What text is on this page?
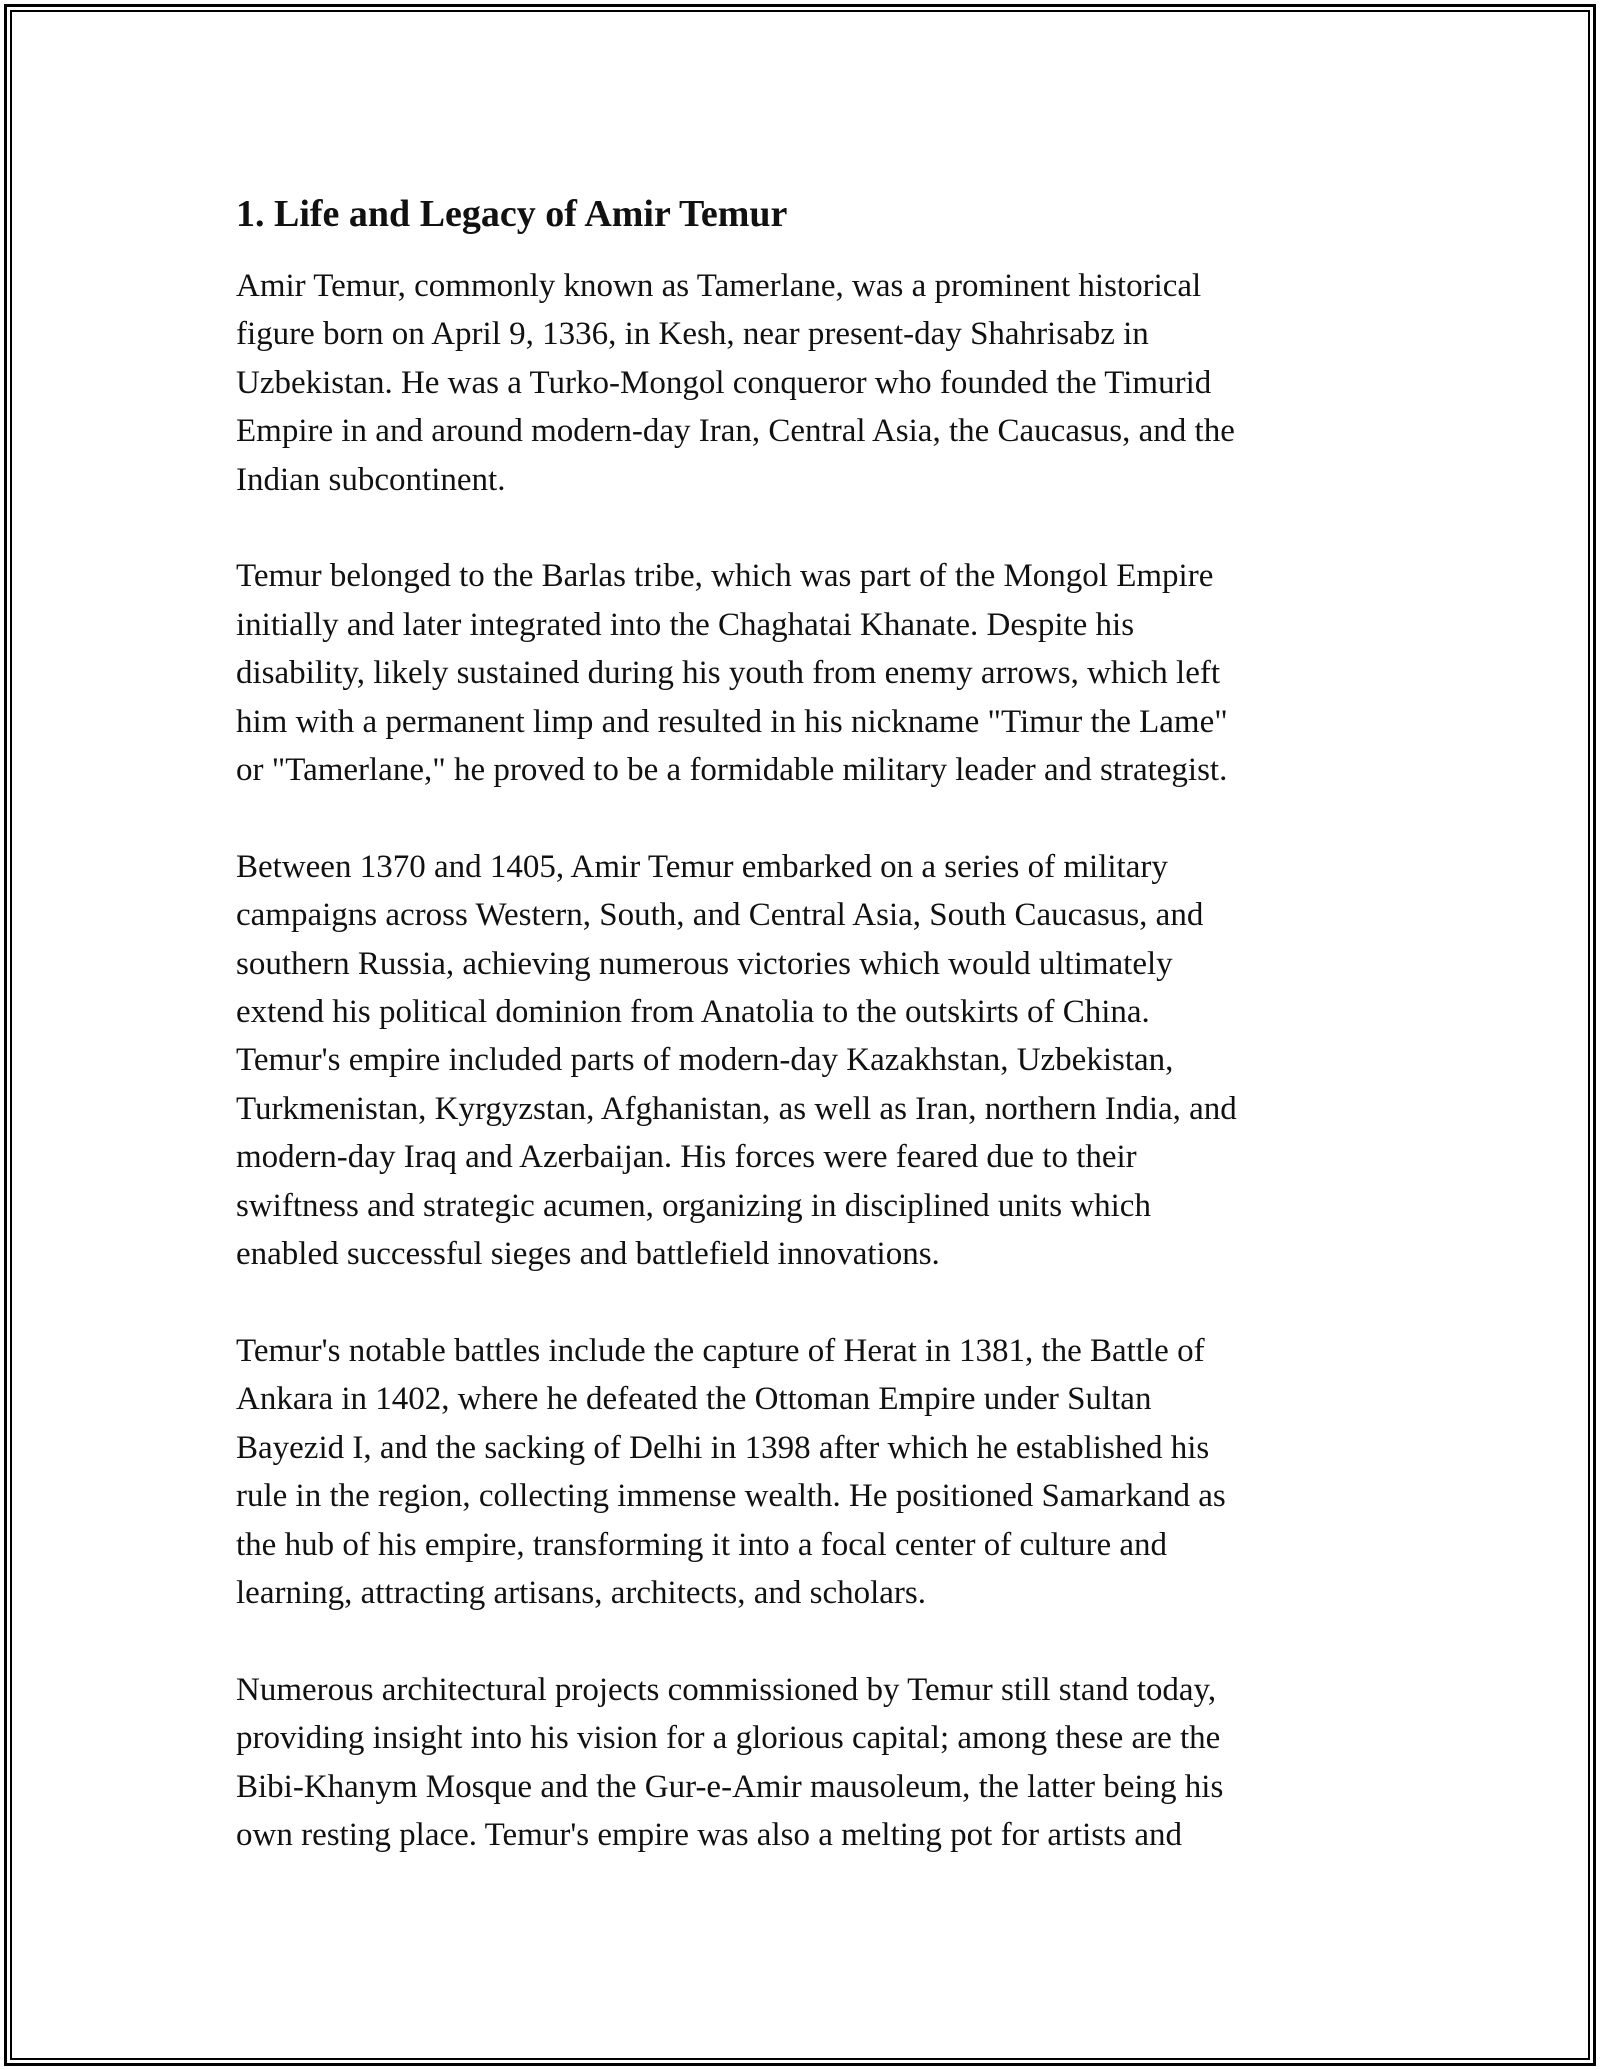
1. Life and Legacy of Amir Temur

Amir Temur, commonly known as Tamerlane, was a prominent historical
figure born on April 9, 1336, in Kesh, near present-day Shahrisabz in
Uzbekistan. He was a Turko-Mongol conqueror who founded the Timurid
Empire in and around modern-day Iran, Central Asia, the Caucasus, and the
Indian subcontinent.

Temur belonged to the Barlas tribe, which was part of the Mongol Empire
initially and later integrated into the Chaghatai Khanate. Despite his
disability, likely sustained during his youth from enemy arrows, which left
him with a permanent limp and resulted in his nickname "Timur the Lame"
or "Tamerlane," he proved to be a formidable military leader and strategist.

Between 1370 and 1405, Amir Temur embarked on a series of military
campaigns across Western, South, and Central Asia, South Caucasus, and
southern Russia, achieving numerous victories which would ultimately
extend his political dominion from Anatolia to the outskirts of China.
Temur's empire included parts of modern-day Kazakhstan, Uzbekistan,
Turkmenistan, Kyrgyzstan, Afghanistan, as well as Iran, northern India, and
modern-day Iraq and Azerbaijan. His forces were feared due to their
swiftness and strategic acumen, organizing in disciplined units which
enabled successful sieges and battlefield innovations.

Temur's notable battles include the capture of Herat in 1381, the Battle of
Ankara in 1402, where he defeated the Ottoman Empire under Sultan
Bayezid I, and the sacking of Delhi in 1398 after which he established his
rule in the region, collecting immense wealth. He positioned Samarkand as
the hub of his empire, transforming it into a focal center of culture and
learning, attracting artisans, architects, and scholars.

Numerous architectural projects commissioned by Temur still stand today,
providing insight into his vision for a glorious capital; among these are the
Bibi-Khanym Mosque and the Gur-e-Amir mausoleum, the latter being his
own resting place. Temur's empire was also a melting pot for artists and
